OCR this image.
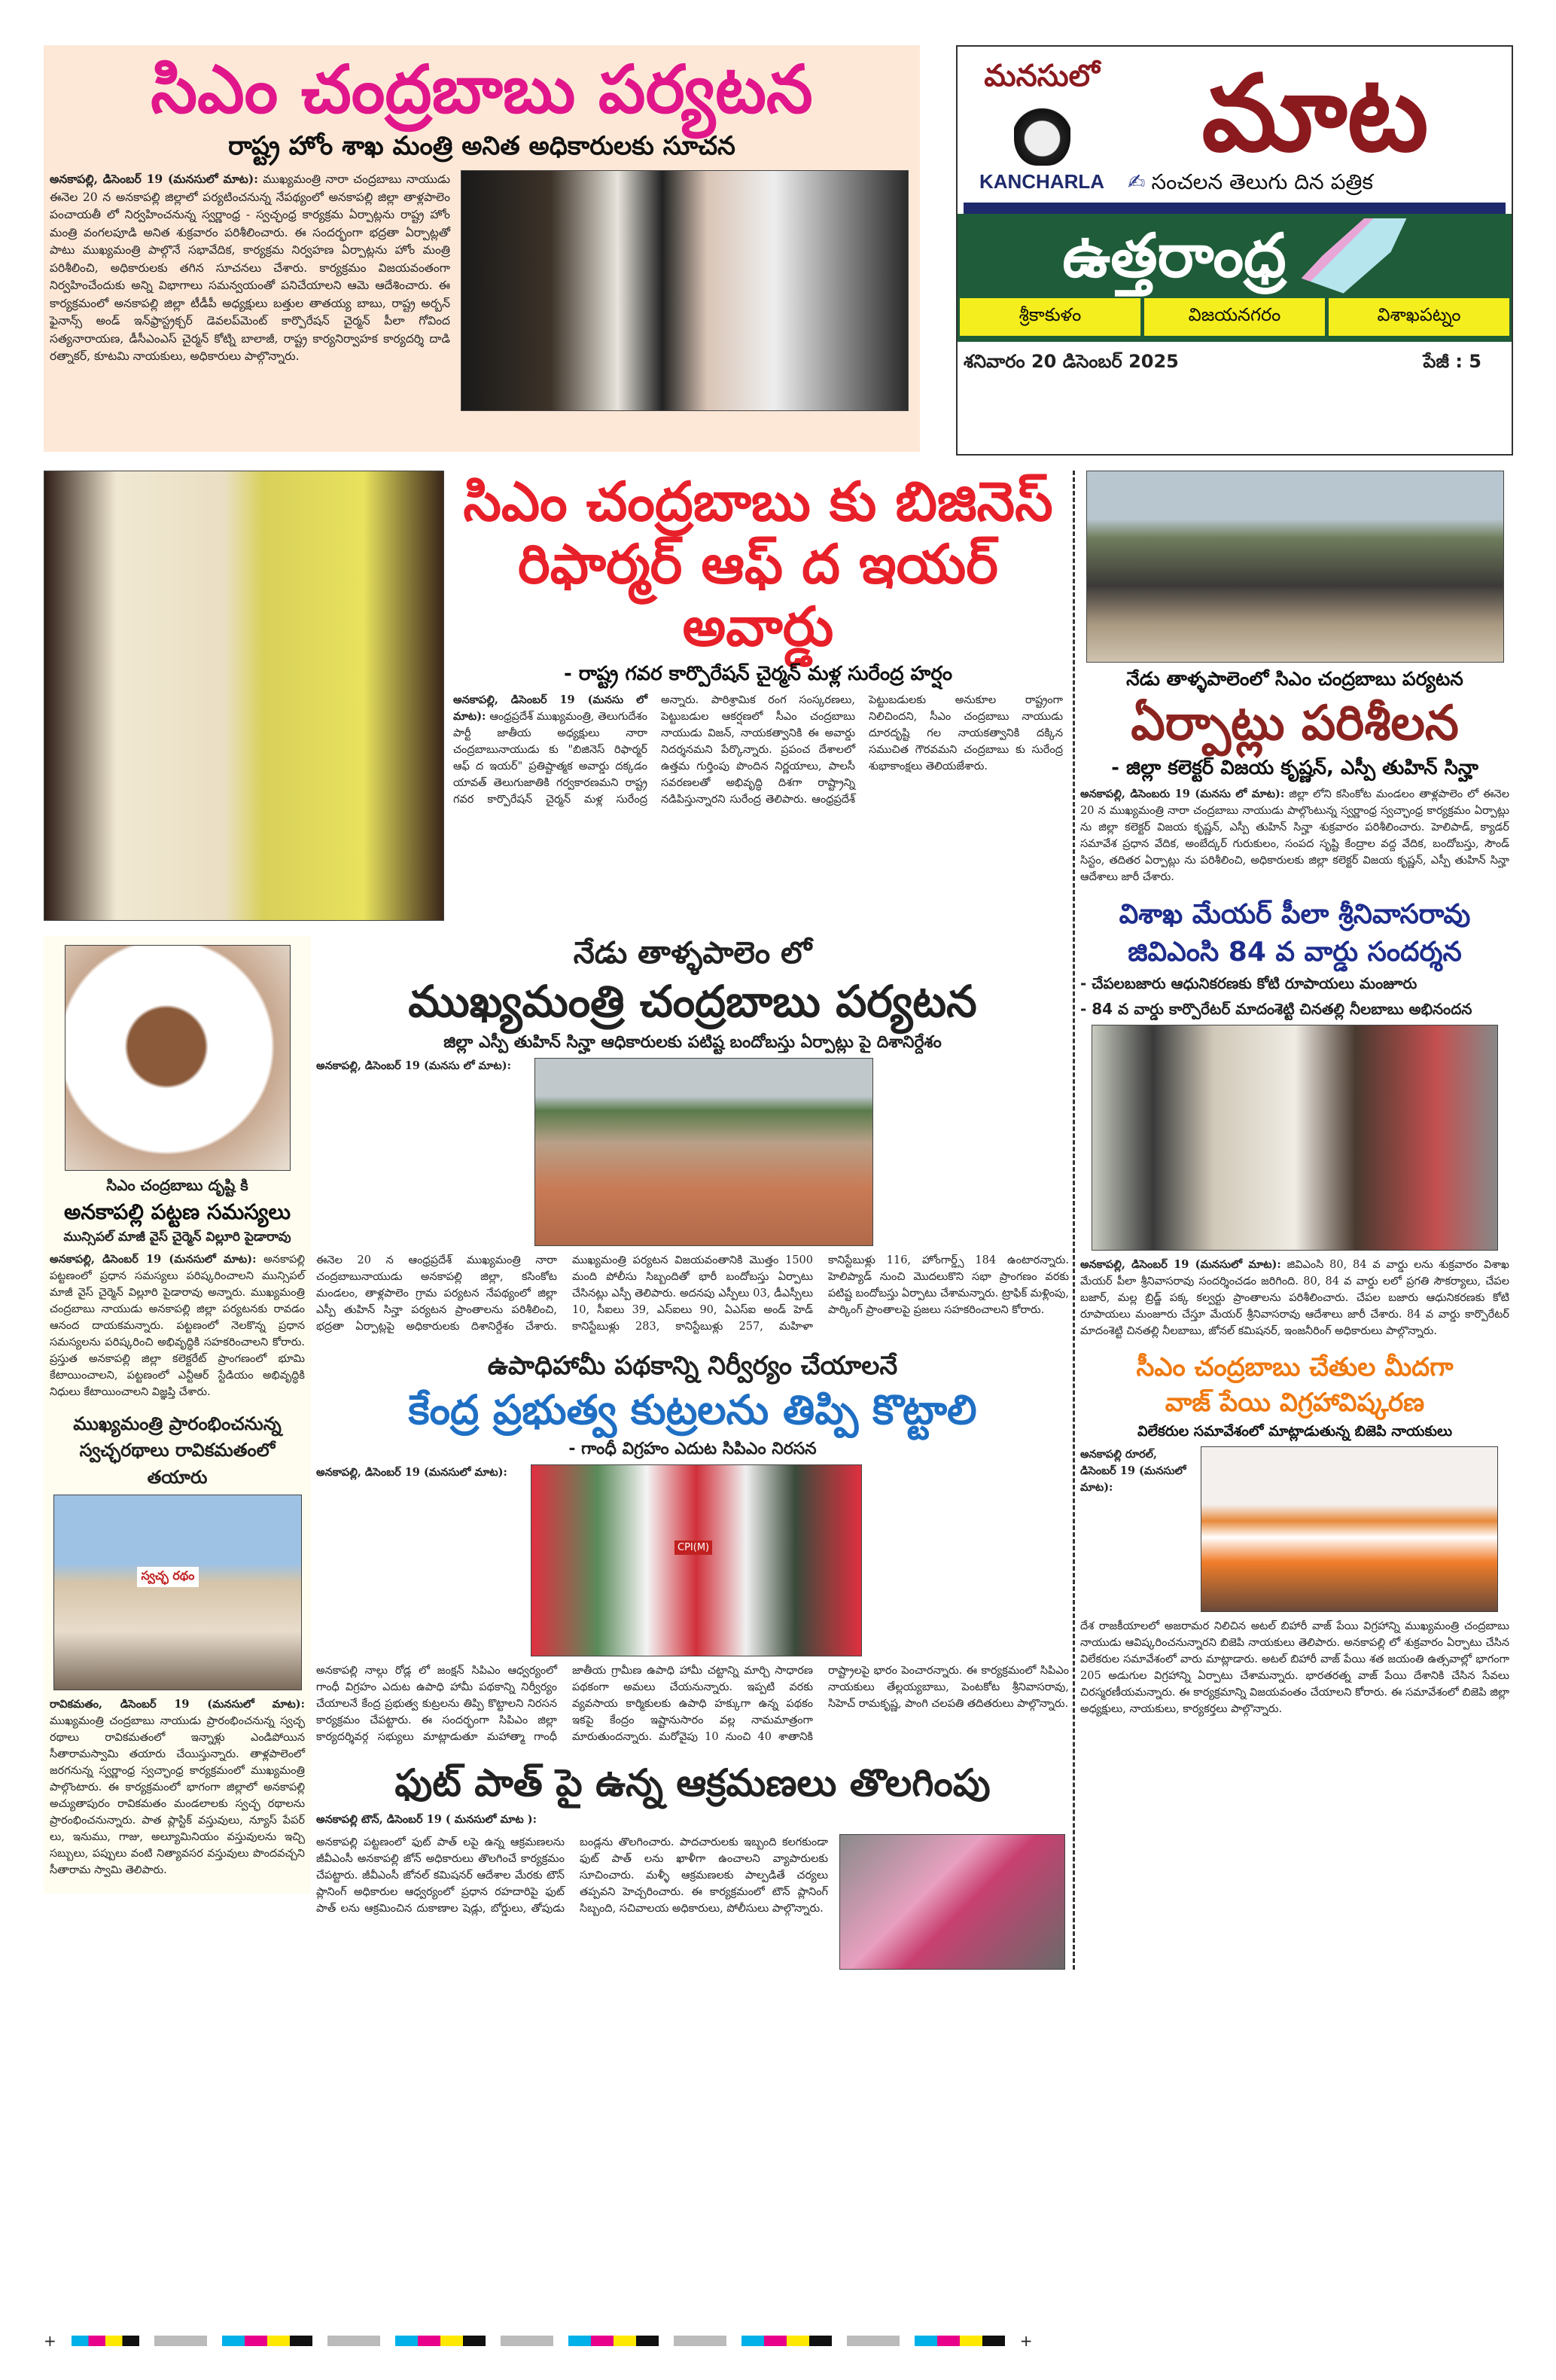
సిఎం చంద్రబాబు పర్యటన
రాష్ట్ర హోం శాఖ మంత్రి అనిత అధికారులకు సూచన
అనకాపల్లి, డిసెంబర్ 19 (మనసులో మాట): ముఖ్యమంత్రి నారా చంద్రబాబు నాయుడు ఈనెల 20 న అనకాపల్లి జిల్లాలో పర్యటించనున్న నేపథ్యంలో అనకాపల్లి జిల్లా తాళ్లపాలెం పంచాయతీ లో నిర్వహించనున్న స్వర్ణాంధ్ర - స్వచ్ఛంధ్ర కార్యక్రమ ఏర్పాట్లను రాష్ట్ర హోం మంత్రి వంగలపూడి అనిత శుక్రవారం పరిశీలించారు. ఈ సందర్భంగా భద్రతా ఏర్పాట్లతో పాటు ముఖ్యమంత్రి పాల్గొనే సభావేదిక, కార్యక్రమ నిర్వహణ ఏర్పాట్లను హోం మంత్రి పరిశీలించి, అధికారులకు తగిన సూచనలు చేశారు. కార్యక్రమం విజయవంతంగా నిర్వహించేందుకు అన్ని విభాగాలు సమన్వయంతో పనిచేయాలని ఆమె ఆదేశించారు. ఈ కార్యక్రమంలో అనకాపల్లి జిల్లా టీడీపీ అధ్యక్షులు బత్తుల తాతయ్య బాబు, రాష్ట్ర అర్బన్ ఫైనాన్స్ అండ్ ఇన్‌ఫ్రాస్ట్రక్చర్ డెవలప్‌మెంట్ కార్పొరేషన్ చైర్మన్ పీలా గోవింద సత్యనారాయణ, డీసీఎంఎస్ చైర్మన్ కోట్ని బాలాజీ, రాష్ట్ర కార్యనిర్వాహక కార్యదర్శి దాడి రత్నాకర్, కూటమి నాయకులు, అధికారులు పాల్గొన్నారు.
మనసులో
KANCHARLA
మాట
✍ సంచలన తెలుగు దిన పత్రిక
ఉత్తరాంధ్ర
శ్రీకాకుళం	విజయనగరం	విశాఖపట్నం
శనివారం 20 డిసెంబర్ 2025	పేజీ : 5
సిఎం చంద్రబాబు కు బిజినెస్
రిఫార్మర్ ఆఫ్ ద ఇయర్ అవార్డు
- రాష్ట్ర గవర కార్పొరేషన్ చైర్మన్ మళ్ల సురేంద్ర హర్షం
అనకాపల్లి, డిసెంబర్ 19 (మనసు లో మాట): ఆంధ్రప్రదేశ్ ముఖ్యమంత్రి, తెలుగుదేశం పార్టీ జాతీయ అధ్యక్షులు నారా చంద్రబాబునాయుడు కు "బిజినెస్ రిఫార్మర్ ఆఫ్ ద ఇయర్" ప్రతిష్టాత్మక అవార్డు దక్కడం యావత్ తెలుగుజాతికి గర్వకారణమని రాష్ట్ర గవర కార్పొరేషన్ చైర్మన్ మళ్ల సురేంద్ర అన్నారు. పారిశ్రామిక రంగ సంస్కరణలు, పెట్టుబడుల ఆకర్షణలో సీఎం చంద్రబాబు నాయుడు విజన్, నాయకత్వానికి ఈ అవార్డు నిదర్శనమని పేర్కొన్నారు. ప్రపంచ దేశాలలో ఉత్తమ గుర్తింపు పొందిన నిర్ణయాలు, పాలసీ సవరణలతో అభివృద్ధి దిశగా రాష్ట్రాన్ని నడిపిస్తున్నారని సురేంద్ర తెలిపారు. ఆంధ్రప్రదేశ్ పెట్టుబడులకు అనుకూల రాష్ట్రంగా నిలిచిందని, సీఎం చంద్రబాబు నాయుడు దూరదృష్టి గల నాయకత్వానికి దక్కిన సముచిత గౌరవమని చంద్రబాబు కు సురేంద్ర శుభాకాంక్షలు తెలియజేశారు.
సిఎం చంద్రబాబు దృష్టి కి
అనకాపల్లి పట్టణ సమస్యలు
మున్సిపల్ మాజీ వైస్ చైర్మెన్ విల్లూరి పైడారావు
అనకాపల్లి, డిసెంబర్ 19 (మనసులో మాట): అనకాపల్లి పట్టణంలో ప్రధాన సమస్యలు పరిష్కరించాలని మున్సిపల్ మాజీ వైస్ చైర్మెన్ విల్లూరి పైడారావు అన్నారు. ముఖ్యమంత్రి చంద్రబాబు నాయుడు అనకాపల్లి జిల్లా పర్యటనకు రావడం ఆనంద దాయకమన్నారు. పట్టణంలో నెలకొన్న ప్రధాన సమస్యలను పరిష్కరించి అభివృద్ధికి సహకరించాలని కోరారు. ప్రస్తుత అనకాపల్లి జిల్లా కలెక్టరేట్ ప్రాంగణంలో భూమి కేటాయించాలని, పట్టణంలో ఎన్టీఆర్ స్టేడియం అభివృద్ధికి నిధులు కేటాయించాలని విజ్ఞప్తి చేశారు.
ముఖ్యమంత్రి ప్రారంభించనున్న
స్వచ్ఛరథాలు రావికమతంలో
తయారు
స్వచ్ఛ రథం
రావికమతం, డిసెంబర్ 19 (మనసులో మాట): ముఖ్యమంత్రి చంద్రబాబు నాయుడు ప్రారంభించనున్న స్వచ్ఛ రథాలు రావికమతంలో ఇన్నాళ్లు ఎండిపోయిన సీతారామస్వామి తయారు చేయిస్తున్నారు. తాళ్లపాలెంలో జరగనున్న స్వర్ణాంధ్ర స్వచ్ఛాంధ్ర కార్యక్రమంలో ముఖ్యమంత్రి పాల్గొంటారు. ఈ కార్యక్రమంలో భాగంగా జిల్లాలో అనకాపల్లి అచ్యుతాపురం రావికమతం మండలాలకు స్వచ్ఛ రథాలను ప్రారంభించనున్నారు. పాత ప్లాస్టిక్ వస్తువులు, న్యూస్ పేపర్ లు, ఇనుము, గాజు, అల్యూమినియం వస్తువులను ఇచ్చి సబ్బులు, పప్పులు వంటి నిత్యావసర వస్తువులు పొందవచ్చని సీతారామ స్వామి తెలిపారు.
నేడు తాళ్ళపాలెం లో
ముఖ్యమంత్రి చంద్రబాబు పర్యటన
జిల్లా ఎస్పీ తుహిన్ సిన్హా ఆధికారులకు పటిష్ట బందోబస్తు ఏర్పాట్లు పై దిశానిర్దేశం
అనకాపల్లి, డిసెంబర్ 19 (మనసు లో మాట):
ఈనెల 20 న ఆంధ్రప్రదేశ్ ముఖ్యమంత్రి నారా చంద్రబాబునాయుడు అనకాపల్లి జిల్లా, కసింకోట మండలం, తాళ్లపాలెం గ్రామ పర్యటన నేపథ్యంలో జిల్లా ఎస్పీ తుహిన్ సిన్హా పర్యటన ప్రాంతాలను పరిశీలించి, భద్రతా ఏర్పాట్లపై అధికారులకు దిశానిర్దేశం చేశారు. ముఖ్యమంత్రి పర్యటన విజయవంతానికి మొత్తం 1500 మంది పోలీసు సిబ్బందితో భారీ బందోబస్తు ఏర్పాటు చేసినట్లు ఎస్పీ తెలిపారు. అదనపు ఎస్పీలు 03, డీఎస్పీలు 10, సీఐలు 39, ఎస్ఐలు 90, ఏఎస్ఐ అండ్ హెడ్ కానిస్టేబుళ్లు 283, కానిస్టేబుళ్లు 257, మహిళా కానిస్టేబుళ్లు 116, హోంగార్డ్స్ 184 ఉంటారన్నారు. హెలిప్యాడ్ నుంచి మొదలుకొని సభా ప్రాంగణం వరకు పటిష్ట బందోబస్తు ఏర్పాటు చేశామన్నారు. ట్రాఫిక్ మళ్లింపు, పార్కింగ్ ప్రాంతాలపై ప్రజలు సహకరించాలని కోరారు.
ఉపాధిహామీ పథకాన్ని నిర్వీర్యం చేయాలనే
కేంద్ర ప్రభుత్వ కుట్రలను తిప్పి కొట్టాలి
- గాంధీ విగ్రహం ఎదుట సిపిఎం నిరసన
అనకాపల్లి, డిసెంబర్ 19 (మనసులో మాట):
CPI(M)
అనకాపల్లి నాల్గు రోడ్ల లో జంక్షన్ సిపిఎం ఆధ్వర్యంలో గాంధీ విగ్రహం ఎదుట ఉపాధి హామీ పథకాన్ని నిర్వీర్యం చేయాలనే కేంద్ర ప్రభుత్వ కుట్రలను తిప్పి కొట్టాలని నిరసన కార్యక్రమం చేపట్టారు. ఈ సందర్భంగా సిపిఎం జిల్లా కార్యదర్శివర్గ సభ్యులు మాట్లాడుతూ మహాత్మా గాంధీ జాతీయ గ్రామీణ ఉపాధి హామీ చట్టాన్ని మార్చి సాధారణ పథకంగా అమలు చేయనున్నారు. ఇప్పటి వరకు వ్యవసాయ కార్మికులకు ఉపాధి హక్కుగా ఉన్న పథకం ఇకపై కేంద్రం ఇష్టానుసారం వల్ల నామమాత్రంగా మారుతుందన్నారు. మరోవైపు 10 నుంచి 40 శాతానికి రాష్ట్రాలపై భారం పెంచారన్నారు. ఈ కార్యక్రమంలో సిపిఎం నాయకులు తేల్లయ్యబాబు, పెంటకోట శ్రీనివాసరావు, సిహెచ్ రామకృష్ణ, పాంగి చలపతి తదితరులు పాల్గొన్నారు.
ఫుట్ పాత్ పై ఉన్న ఆక్రమణలు తొలగింపు
అనకాపల్లి టౌన్, డిసెంబర్ 19 ( మనసులో మాట ):
అనకాపల్లి పట్టణంలో ఫుట్ పాత్ లపై ఉన్న ఆక్రమణలను జీవీఎంసీ అనకాపల్లి జోన్ అధికారులు తొలగించే కార్యక్రమం చేపట్టారు. జీవీఎంసీ జోనల్ కమిషనర్ ఆదేశాల మేరకు టౌన్ ప్లానింగ్ అధికారుల ఆధ్వర్యంలో ప్రధాన రహదారిపై ఫుట్ పాత్ లను ఆక్రమించిన దుకాణాల షెడ్లు, బోర్డులు, తోపుడు బండ్లను తొలగించారు. పాదచారులకు ఇబ్బంది కలగకుండా ఫుట్ పాత్ లను ఖాళీగా ఉంచాలని వ్యాపారులకు సూచించారు. మళ్ళీ ఆక్రమణలకు పాల్పడితే చర్యలు తప్పవని హెచ్చరించారు. ఈ కార్యక్రమంలో టౌన్ ప్లానింగ్ సిబ్బంది, సచివాలయ అధికారులు, పోలీసులు పాల్గొన్నారు.
నేడు తాళ్ళపాలెంలో సిఎం చంద్రబాబు పర్యటన
ఏర్పాట్లు పరిశీలన
- జిల్లా కలెక్టర్ విజయ కృష్ణన్, ఎస్పీ తుహిన్ సిన్హా
అనకాపల్లి, డిసెంబరు 19 (మనసు లో మాట): జిల్లా లోని కసింకోట మండలం తాళ్లపాలెం లో ఈనెల 20 న ముఖ్యమంత్రి నారా చంద్రబాబు నాయుడు పాల్గొంటున్న స్వర్ణాంధ్ర స్వచ్ఛాంధ్ర కార్యక్రమం ఏర్పాట్లు ను జిల్లా కలెక్టర్ విజయ కృష్ణన్, ఎస్పీ తుహిన్ సిన్హా శుక్రవారం పరిశీలించారు. హెలిపాడ్, క్యాడర్ సమావేశ ప్రధాన వేదిక, అంబేద్కర్ గురుకులం, సంపద సృష్టి కేంద్రాల వద్ద వేదిక, బందోబస్తు, సౌండ్ సిస్టం, తదితర ఏర్పాట్లు ను పరిశీలించి, అధికారులకు జిల్లా కలెక్టర్ విజయ కృష్ణన్, ఎస్పీ తుహిన్ సిన్హా ఆదేశాలు జారీ చేశారు.
విశాఖ మేయర్ పీలా శ్రీనివాసరావు
జివిఎంసి 84 వ వార్డు సందర్శన
- చేపలబజారు ఆధునికరణకు కోటి రూపాయలు మంజూరు
- 84 వ వార్డు కార్పొరేటర్ మాదంశెట్టి చినతల్లి నీలబాబు అభినందన
అనకాపల్లి, డిసెంబర్ 19 (మనసులో మాట): జివిఎంసి 80, 84 వ వార్డు లను శుక్రవారం విశాఖ మేయర్ పీలా శ్రీనివాసరావు సందర్శించడం జరిగింది. 80, 84 వ వార్డు లలో ప్రగతి సౌకర్యాలు, చేపల బజార్, మల్ల బ్రిడ్జ్ పక్క కల్వర్టు ప్రాంతాలను పరిశీలించారు. చేపల బజారు ఆధునికరణకు కోటి రూపాయలు మంజూరు చేస్తూ మేయర్ శ్రీనివాసరావు ఆదేశాలు జారీ చేశారు. 84 వ వార్డు కార్పొరేటర్ మాదంశెట్టి చినతల్లి నీలబాబు, జోనల్ కమిషనర్, ఇంజనీరింగ్ అధికారులు పాల్గొన్నారు.
సీఎం చంద్రబాబు చేతుల మీదగా
వాజ్ పేయి విగ్రహావిష్కరణ
విలేకరుల సమావేశంలో మాట్లాడుతున్న బిజెపి నాయకులు
అనకాపల్లి రూరల్, డిసెంబర్ 19 (మనసులో మాట):
దేశ రాజకీయాలలో అజరామర నిలిచిన అటల్ బిహారీ వాజ్ పేయి విగ్రహాన్ని ముఖ్యమంత్రి చంద్రబాబు నాయుడు ఆవిష్కరించనున్నారని బిజెపి నాయకులు తెలిపారు. అనకాపల్లి లో శుక్రవారం ఏర్పాటు చేసిన విలేకరుల సమావేశంలో వారు మాట్లాడారు. అటల్ బిహారీ వాజ్ పేయి శత జయంతి ఉత్సవాల్లో భాగంగా 205 అడుగుల విగ్రహాన్ని ఏర్పాటు చేశామన్నారు. భారతరత్న వాజ్ పేయి దేశానికి చేసిన సేవలు చిరస్మరణీయమన్నారు. ఈ కార్యక్రమాన్ని విజయవంతం చేయాలని కోరారు. ఈ సమావేశంలో బిజెపి జిల్లా అధ్యక్షులు, నాయకులు, కార్యకర్తలు పాల్గొన్నారు.
+	+
